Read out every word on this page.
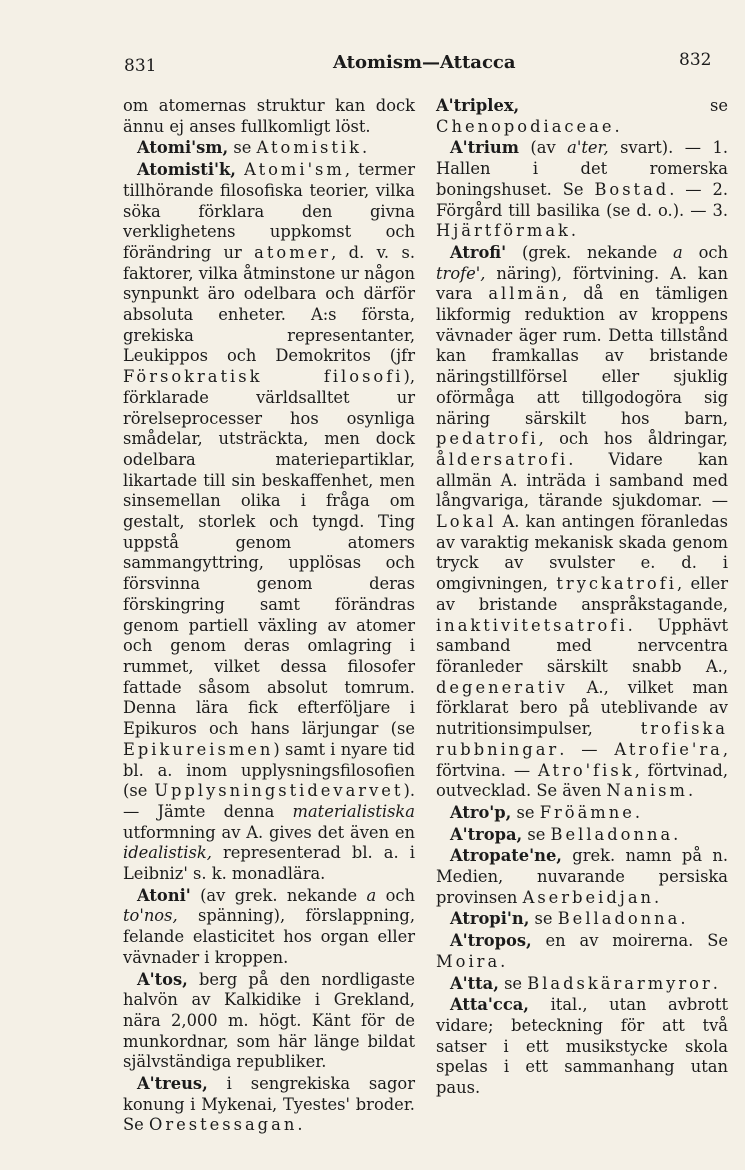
831	Atomism—Attacca	832

om atomernas struktur kan dock ännu ej anses fullkomligt löst.

Atomi'sm, se Atomistik.

Atomisti'k, Atomi'sm, termer tillhörande filosofiska teorier, vilka söka förklara den givna verklighetens uppkomst och förändring ur atomer, d. v. s. faktorer, vilka åtminstone ur någon synpunkt äro odelbara och därför absoluta enheter. A:s första, grekiska representanter, Leukippos och Demokritos (jfr Försokratisk filosofi), förklarade världsalltet ur rörelseprocesser hos osynliga smådelar, utsträckta, men dock odelbara materiepartiklar, likartade till sin beskaffenhet, men sinsemellan olika i fråga om gestalt, storlek och tyngd. Ting uppstå genom atomers sammangyttring, upplösas och försvinna genom deras förskingring samt förändras genom partiell växling av atomer och genom deras omlagring i rummet, vilket dessa filosofer fattade såsom absolut tomrum. Denna lära fick efterföljare i Epikuros och hans lärjungar (se Epikureismen) samt i nyare tid bl. a. inom upplysningsfilosofien (se Upplysningstidevarvet). — Jämte denna materialistiska utformning av A. gives det även en idealistisk, representerad bl. a. i Leibniz' s. k. monadlära.

Atoni' (av grek. nekande a och to'nos, spänning), förslappning, felande elasticitet hos organ eller vävnader i kroppen.

A'tos, berg på den nordligaste halvön av Kalkidike i Grekland, nära 2,000 m. högt. Känt för de munkordnar, som här länge bildat självständiga republiker.

A'treus, i sengrekiska sagor konung i Mykenai, Tyestes' broder. Se Orestessagan.

A'triplex, se Chenopodiaceae.

A'trium (av a'ter, svart). — 1. Hallen i det romerska boningshuset. Se Bostad. — 2. Förgård till basilika (se d. o.). — 3. Hjärtförmak.

Atrofi' (grek. nekande a och trofe', näring), förtvining. A. kan vara allmän, då en tämligen likformig reduktion av kroppens vävnader äger rum. Detta tillstånd kan framkallas av bristande näringstillförsel eller sjuklig oförmåga att tillgodogöra sig näring särskilt hos barn, pedatrofi, och hos åldringar, åldersatrofi. Vidare kan allmän A. inträda i samband med långvariga, tärande sjukdomar. — Lokal A. kan antingen föranledas av varaktig mekanisk skada genom tryck av svulster e. d. i omgivningen, tryckatrofi, eller av bristande anspråkstagande, inaktivitetsatrofi. Upphävt samband med nervcentra föranleder särskilt snabb A., degenerativ A., vilket man förklarat bero på uteblivande av nutritionsimpulser, trofiska rubbningar. — Atrofie'ra, förtvina. — Atro'fisk, förtvinad, outvecklad. Se även Nanism.

Atro'p, se Fröämne.

A'tropa, se Belladonna.

Atropate'ne, grek. namn på n. Medien, nuvarande persiska provinsen Aserbeidjan.

Atropi'n, se Belladonna.

A'tropos, en av moirerna. Se Moira.

A'tta, se Bladskärarmyror.

Atta'cca, ital., utan avbrott vidare; beteckning för att två satser i ett musikstycke skola spelas i ett sammanhang utan paus.
